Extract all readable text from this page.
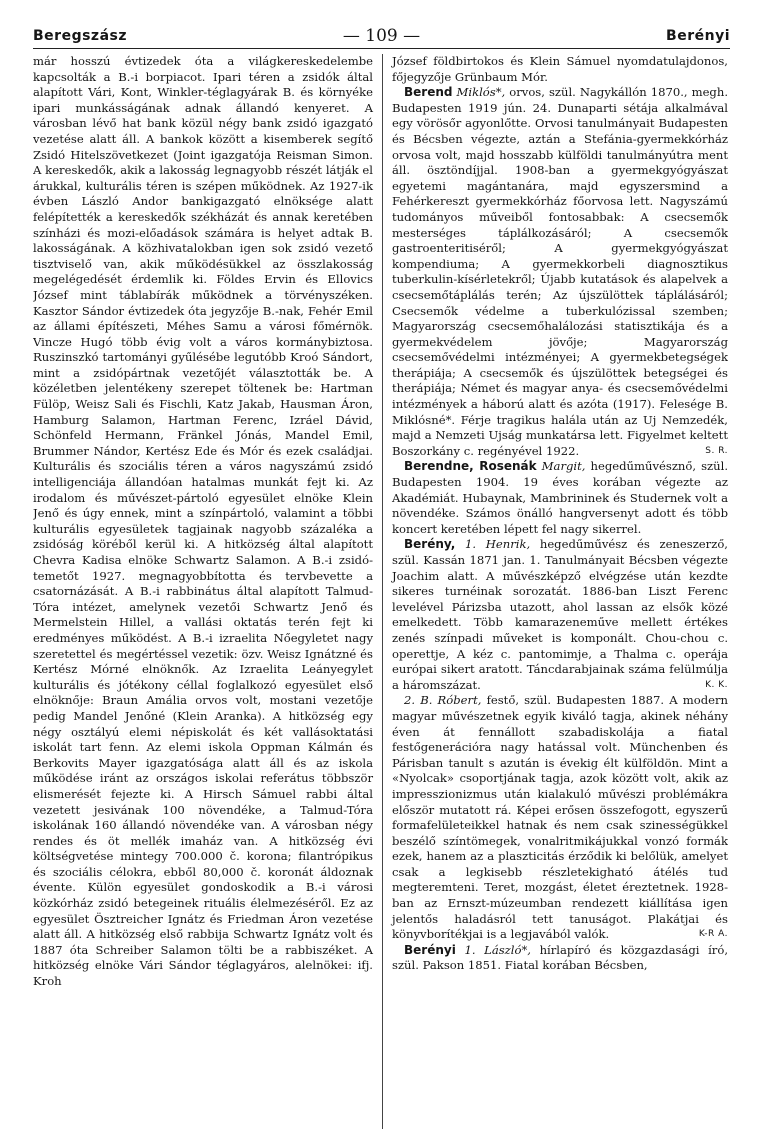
Beregszász	— 109 —	Berényi

már hosszú évtizedek óta a világkereskedelembe kapcsolták a B.-i borpiacot. Ipari téren a zsidók által alapított Vári, Kont, Winkler-téglagyárak B. és környéke ipari munkásságának adnak állandó kenyeret. A városban lévő hat bank közül négy bank zsidó igazgató vezetése alatt áll. A bankok között a kisemberek segítő Zsidó Hitelszövetkezet (Joint igazgatója Reisman Simon. A kereskedők, akik a lakosság legnagyobb részét látják el árukkal, kulturális téren is szépen működnek. Az 1927-ik évben László Andor bankigazgató elnöksége alatt felépítették a kereskedők székházát és annak keretében színházi és mozi-előadások számára is helyet adtak B. lakosságának. A közhivatalokban igen sok zsidó vezető tisztviselő van, akik működésükkel az összlakosság megelégedését érdemlik ki. Földes Ervin és Ellovics József mint táblabírák működnek a törvényszéken. Kasztor Sándor évtizedek óta jegyzője B.-nak, Fehér Emil az állami építészeti, Méhes Samu a városi főmérnök. Vincze Hugó több évig volt a város kormánybiztosa. Ruszinszkó tartományi gyűlésébe legutóbb Kroó Sándort, mint a zsidópártnak vezetőjét választották be. A közéletben jelentékeny szerepet töltenek be: Hartman Fülöp, Weisz Sali és Fischli, Katz Jakab, Hausman Áron, Hamburg Salamon, Hartman Ferenc, Izráel Dávid, Schönfeld Hermann, Fränkel Jónás, Mandel Emil, Brummer Nándor, Kertész Ede és Mór és ezek családjai. Kulturális és szociális téren a város nagyszámú zsidó intelligenciája állandóan hatalmas munkát fejt ki. Az irodalom és művészet-pártoló egyesület elnöke Klein Jenő és úgy ennek, mint a színpártoló, valamint a többi kulturális egyesületek tagjainak nagyobb százaléka a zsidóság köréből kerül ki. A hitközség által alapított Chevra Kadisa elnöke Schwartz Salamon. A B.-i zsidó-temetőt 1927. megnagyobbította és tervbevette a csatornázását. A B.-i rabbinátus által alapított Talmud-Tóra intézet, amelynek vezetői Schwartz Jenő és Mermelstein Hillel, a vallási oktatás terén fejt ki eredményes működést. A B.-i izraelita Nőegyletet nagy szeretettel és megértéssel vezetik: özv. Weisz Ignátzné és Kertész Mórné elnöknők. Az Izraelita Leányegylet kulturális és jótékony céllal foglalkozó egyesület első elnöknője: Braun Amália orvos volt, mostani vezetője pedig Mandel Jenőné (Klein Aranka). A hitközség egy négy osztályú elemi népiskolát és két vallásoktatási iskolát tart fenn. Az elemi iskola Oppman Kálmán és Berkovits Mayer igazgatósága alatt áll és az iskola működése iránt az országos iskolai referátus többször elismerését fejezte ki. A Hirsch Sámuel rabbi által vezetett jesivának 100 növendéke, a Talmud-Tóra iskolának 160 állandó növendéke van. A városban négy rendes és öt mellék imaház van. A hitközség évi költségvetése mintegy 700.000 č. korona; filantrópikus és szociális célokra, ebből 80,000 č. koronát áldoznak évente. Külön egyesület gondoskodik a B.-i városi közkórház zsidó betegeinek rituális élelmezéséről. Ez az egyesület Ösztreicher Ignátz és Friedman Áron vezetése alatt áll. A hitközség első rabbija Schwartz Ignátz volt és 1887 óta Schreiber Salamon tölti be a rabbiszéket. A hitközség elnöke Vári Sándor téglagyáros, alelnökei: ifj. Kroh

József földbirtokos és Klein Sámuel nyomdatulajdonos, főjegyzője Grünbaum Mór.

Berend Miklós*, orvos, szül. Nagykállón 1870., megh. Budapesten 1919 jún. 24. Dunaparti sétája alkalmával egy vörösőr agyonlőtte. Orvosi tanulmányait Budapesten és Bécsben végezte, aztán a Stefánia-gyermekkórház orvosa volt, majd hosszabb külföldi tanulmányútra ment áll. ösztöndíjjal. 1908-ban a gyermekgyógyászat egyetemi magántanára, majd egyszersmind a Fehérkereszt gyermekkórház főorvosa lett. Nagyszámú tudományos műveiből fontosabbak: A csecsemők mesterséges táplálkozásáról; A csecsemők gastroenteritiséről; A gyermekgyógyászat kompendiuma; A gyermekkorbeli diagnosztikus tuberkulin-kísérletekről; Újabb kutatások és alapelvek a csecsemőtáplálás terén; Az újszülöttek táplálásáról; Csecsemők védelme a tuberkulózissal szemben; Magyarország csecsemőhalálozási statisztikája és a gyermekvédelem jövője; Magyarország csecsemővédelmi intézményei; A gyermekbetegségek therápiája; A csecsemők és újszülöttek betegségei és therápiája; Német és magyar anya- és csecsemővédelmi intézmények a háború alatt és azóta (1917). Felesége B. Miklósné*. Férje tragikus halála után az Uj Nemzedék, majd a Nemzeti Ujság munkatársa lett. Figyelmet keltett Boszorkány c. regényével 1922.	S. R.

Berendne, Rosenák Margit, hegedűművésznő, szül. Budapesten 1904. 19 éves korában végezte az Akadémiát. Hubaynak, Mambrininek és Studernek volt a növendéke. Számos önálló hangversenyt adott és több koncert keretében lépett fel nagy sikerrel.

Berény, 1. Henrik, hegedűművész és zeneszerző, szül. Kassán 1871 jan. 1. Tanulmányait Bécsben végezte Joachim alatt. A művészképző elvégzése után kezdte sikeres turnéinak sorozatát. 1886-ban Liszt Ferenc levelével Párizsba utazott, ahol lassan az elsők közé emelkedett. Több kamarazeneműve mellett értékes zenés színpadi műveket is komponált. Chou-chou c. operettje, A kéz c. pantomimje, a Thalma c. operája európai sikert aratott. Táncdarabjainak száma felülmúlja a háromszázat.	K. K.

2. B. Róbert, festő, szül. Budapesten 1887. A modern magyar művészetnek egyik kiváló tagja, akinek néhány éven át fennállott szabadiskolája a fiatal festőgenerációra nagy hatással volt. Münchenben és Párisban tanult s azután is évekig élt külföldön. Mint a «Nyolcak» csoportjának tagja, azok között volt, akik az impresszionizmus után kialakuló művészi problémákra először mutatott rá. Képei erősen összefogott, egyszerű formafelületeikkel hatnak és nem csak szinességükkel beszélő színtömegek, vonalritmikájukkal vonzó formák ezek, hanem az a plaszticitás érződik ki belőlük, amelyet csak a legkisebb részletekigható átélés tud megteremteni. Teret, mozgást, életet éreztetnek. 1928-ban az Ernszt-múzeumban rendezett kiállítása igen jelentős haladásról tett tanuságot. Plakátjai és könyvborítékjai is a legjavából valók.	K-R A.

Berényi 1. László*, hírlapíró és közgazdasági író, szül. Pakson 1851. Fiatal korában Bécsben,
